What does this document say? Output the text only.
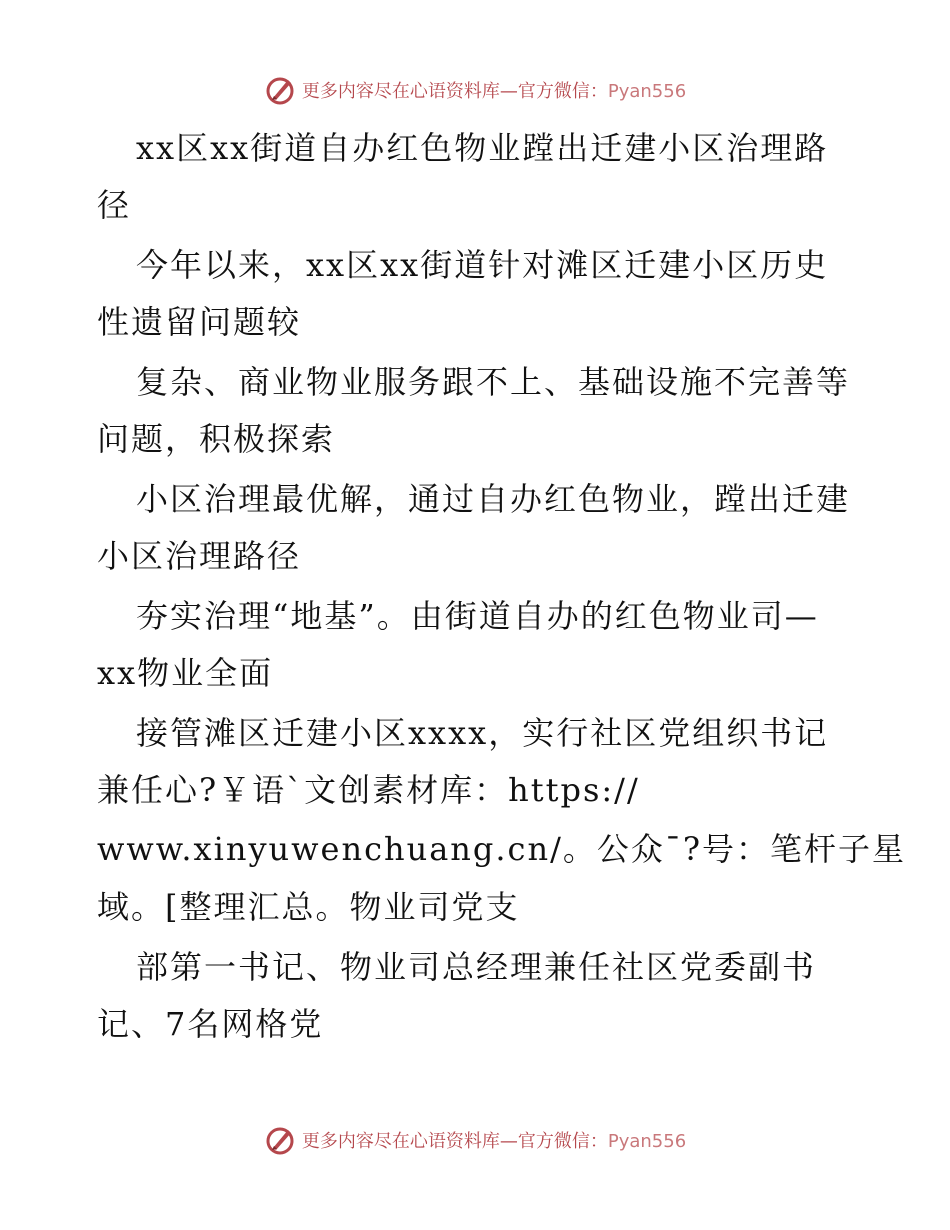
更多内容尽在心语资料库—官方微信：Pyan556
xx区xx街道自办红色物业蹚出迁建小区治理路
径
今年以来，xx区xx街道针对滩区迁建小区历史
性遗留问题较
复杂、商业物业服务跟不上、基础设施不完善等
问题，积极探索
小区治理最优解，通过自办红色物业，蹚出迁建
小区治理路径
夯实治理“地基”。由街道自办的红色物业司—
xx物业全面
接管滩区迁建小区xxxx，实行社区党组织书记
兼任心?￥语`文创素材库：https://
www.xinyuwenchuang.cn/。公众¯?号：笔杆子星
域。[整理汇总。物业司党支
部第一书记、物业司总经理兼任社区党委副书
记、7名网格党
更多内容尽在心语资料库—官方微信：Pyan556
